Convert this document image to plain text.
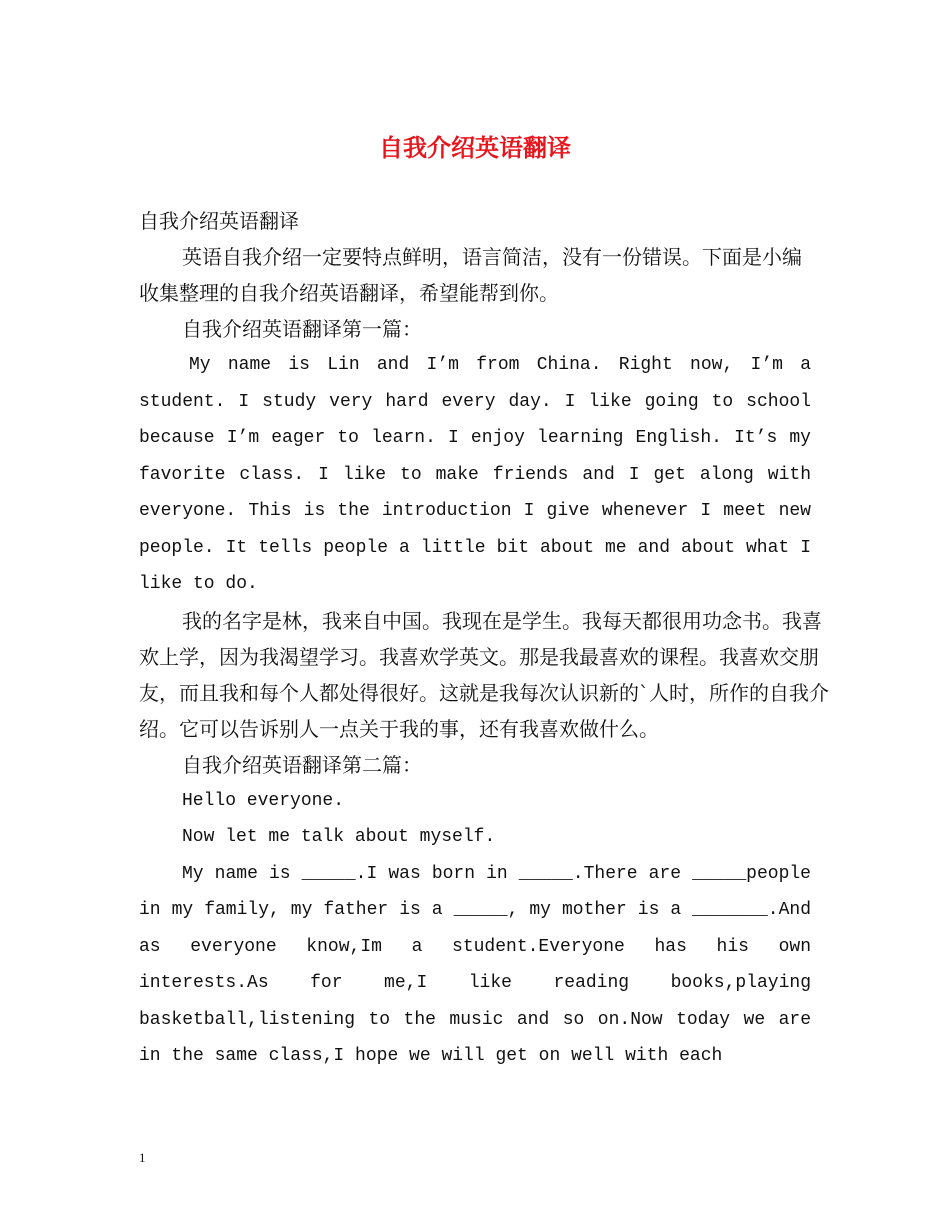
自我介绍英语翻译

自我介绍英语翻译

英语自我介绍一定要特点鲜明，语言简洁，没有一份错误。下面是小编收集整理的自我介绍英语翻译，希望能帮到你。

自我介绍英语翻译第一篇：

My name is Lin and I’m from China. Right now, I’m a student. I study very hard every day. I like going to school because I’m eager to learn. I enjoy learning English. It’s my favorite class. I like to make friends and I get along with everyone. This is the introduction I give whenever I meet new people. It tells people a little bit about me and about what I like to do.

我的名字是林，我来自中国。我现在是学生。我每天都很用功念书。我喜欢上学，因为我渴望学习。我喜欢学英文。那是我最喜欢的课程。我喜欢交朋友，而且我和每个人都处得很好。这就是我每次认识新的`人时，所作的自我介绍。它可以告诉别人一点关于我的事，还有我喜欢做什么。

自我介绍英语翻译第二篇：

Hello everyone.

Now let me talk about myself.

My name is _____.I was born in _____.There are _____people in my family, my father is a _____, my mother is a _______.And as everyone know,Im a student.Everyone has his own interests.As for me,I like reading books,playing basketball,listening to the music and so on.Now today we are in the same class,I hope we will get on well with each

1
